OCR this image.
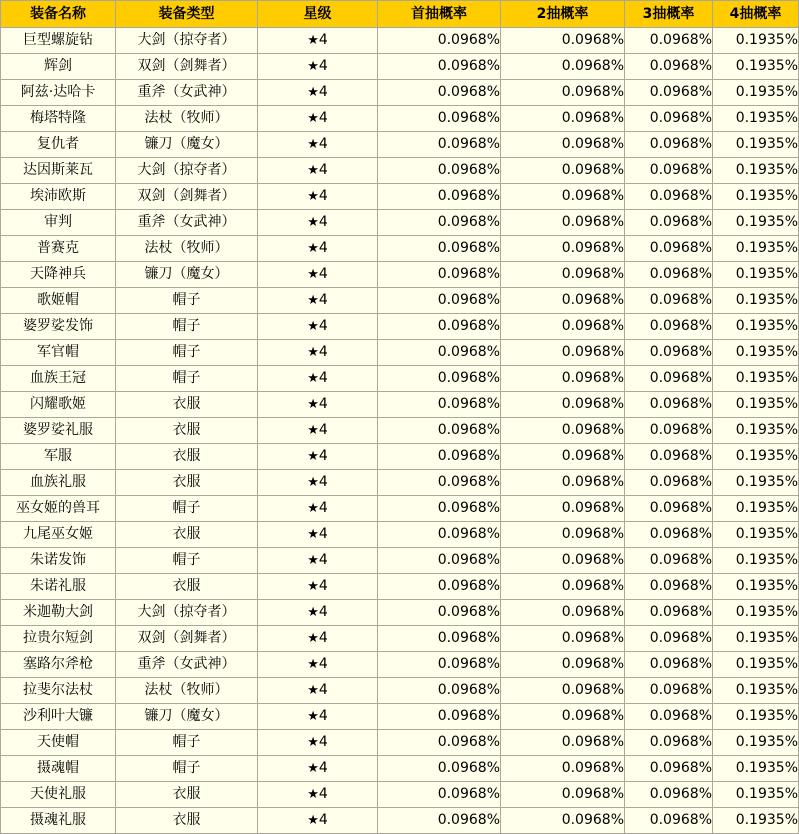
装备名称	装备类型	星级	首抽概率	2抽概率	3抽概率	4抽概率
巨型螺旋钻	大剑（掠夺者）	★4	0.0968%	0.0968%	0.0968%	0.1935%
辉剑	双剑（剑舞者）	★4	0.0968%	0.0968%	0.0968%	0.1935%
阿兹·达哈卡	重斧（女武神）	★4	0.0968%	0.0968%	0.0968%	0.1935%
梅塔特隆	法杖（牧师）	★4	0.0968%	0.0968%	0.0968%	0.1935%
复仇者	镰刀（魔女）	★4	0.0968%	0.0968%	0.0968%	0.1935%
达因斯莱瓦	大剑（掠夺者）	★4	0.0968%	0.0968%	0.0968%	0.1935%
埃沛欧斯	双剑（剑舞者）	★4	0.0968%	0.0968%	0.0968%	0.1935%
审判	重斧（女武神）	★4	0.0968%	0.0968%	0.0968%	0.1935%
普赛克	法杖（牧师）	★4	0.0968%	0.0968%	0.0968%	0.1935%
天降神兵	镰刀（魔女）	★4	0.0968%	0.0968%	0.0968%	0.1935%
歌姬帽	帽子	★4	0.0968%	0.0968%	0.0968%	0.1935%
婆罗娑发饰	帽子	★4	0.0968%	0.0968%	0.0968%	0.1935%
军官帽	帽子	★4	0.0968%	0.0968%	0.0968%	0.1935%
血族王冠	帽子	★4	0.0968%	0.0968%	0.0968%	0.1935%
闪耀歌姬	衣服	★4	0.0968%	0.0968%	0.0968%	0.1935%
婆罗娑礼服	衣服	★4	0.0968%	0.0968%	0.0968%	0.1935%
军服	衣服	★4	0.0968%	0.0968%	0.0968%	0.1935%
血族礼服	衣服	★4	0.0968%	0.0968%	0.0968%	0.1935%
巫女姬的兽耳	帽子	★4	0.0968%	0.0968%	0.0968%	0.1935%
九尾巫女姬	衣服	★4	0.0968%	0.0968%	0.0968%	0.1935%
朱诺发饰	帽子	★4	0.0968%	0.0968%	0.0968%	0.1935%
朱诺礼服	衣服	★4	0.0968%	0.0968%	0.0968%	0.1935%
米迦勒大剑	大剑（掠夺者）	★4	0.0968%	0.0968%	0.0968%	0.1935%
拉贵尔短剑	双剑（剑舞者）	★4	0.0968%	0.0968%	0.0968%	0.1935%
塞路尔斧枪	重斧（女武神）	★4	0.0968%	0.0968%	0.0968%	0.1935%
拉斐尔法杖	法杖（牧师）	★4	0.0968%	0.0968%	0.0968%	0.1935%
沙利叶大镰	镰刀（魔女）	★4	0.0968%	0.0968%	0.0968%	0.1935%
天使帽	帽子	★4	0.0968%	0.0968%	0.0968%	0.1935%
摄魂帽	帽子	★4	0.0968%	0.0968%	0.0968%	0.1935%
天使礼服	衣服	★4	0.0968%	0.0968%	0.0968%	0.1935%
摄魂礼服	衣服	★4	0.0968%	0.0968%	0.0968%	0.1935%
